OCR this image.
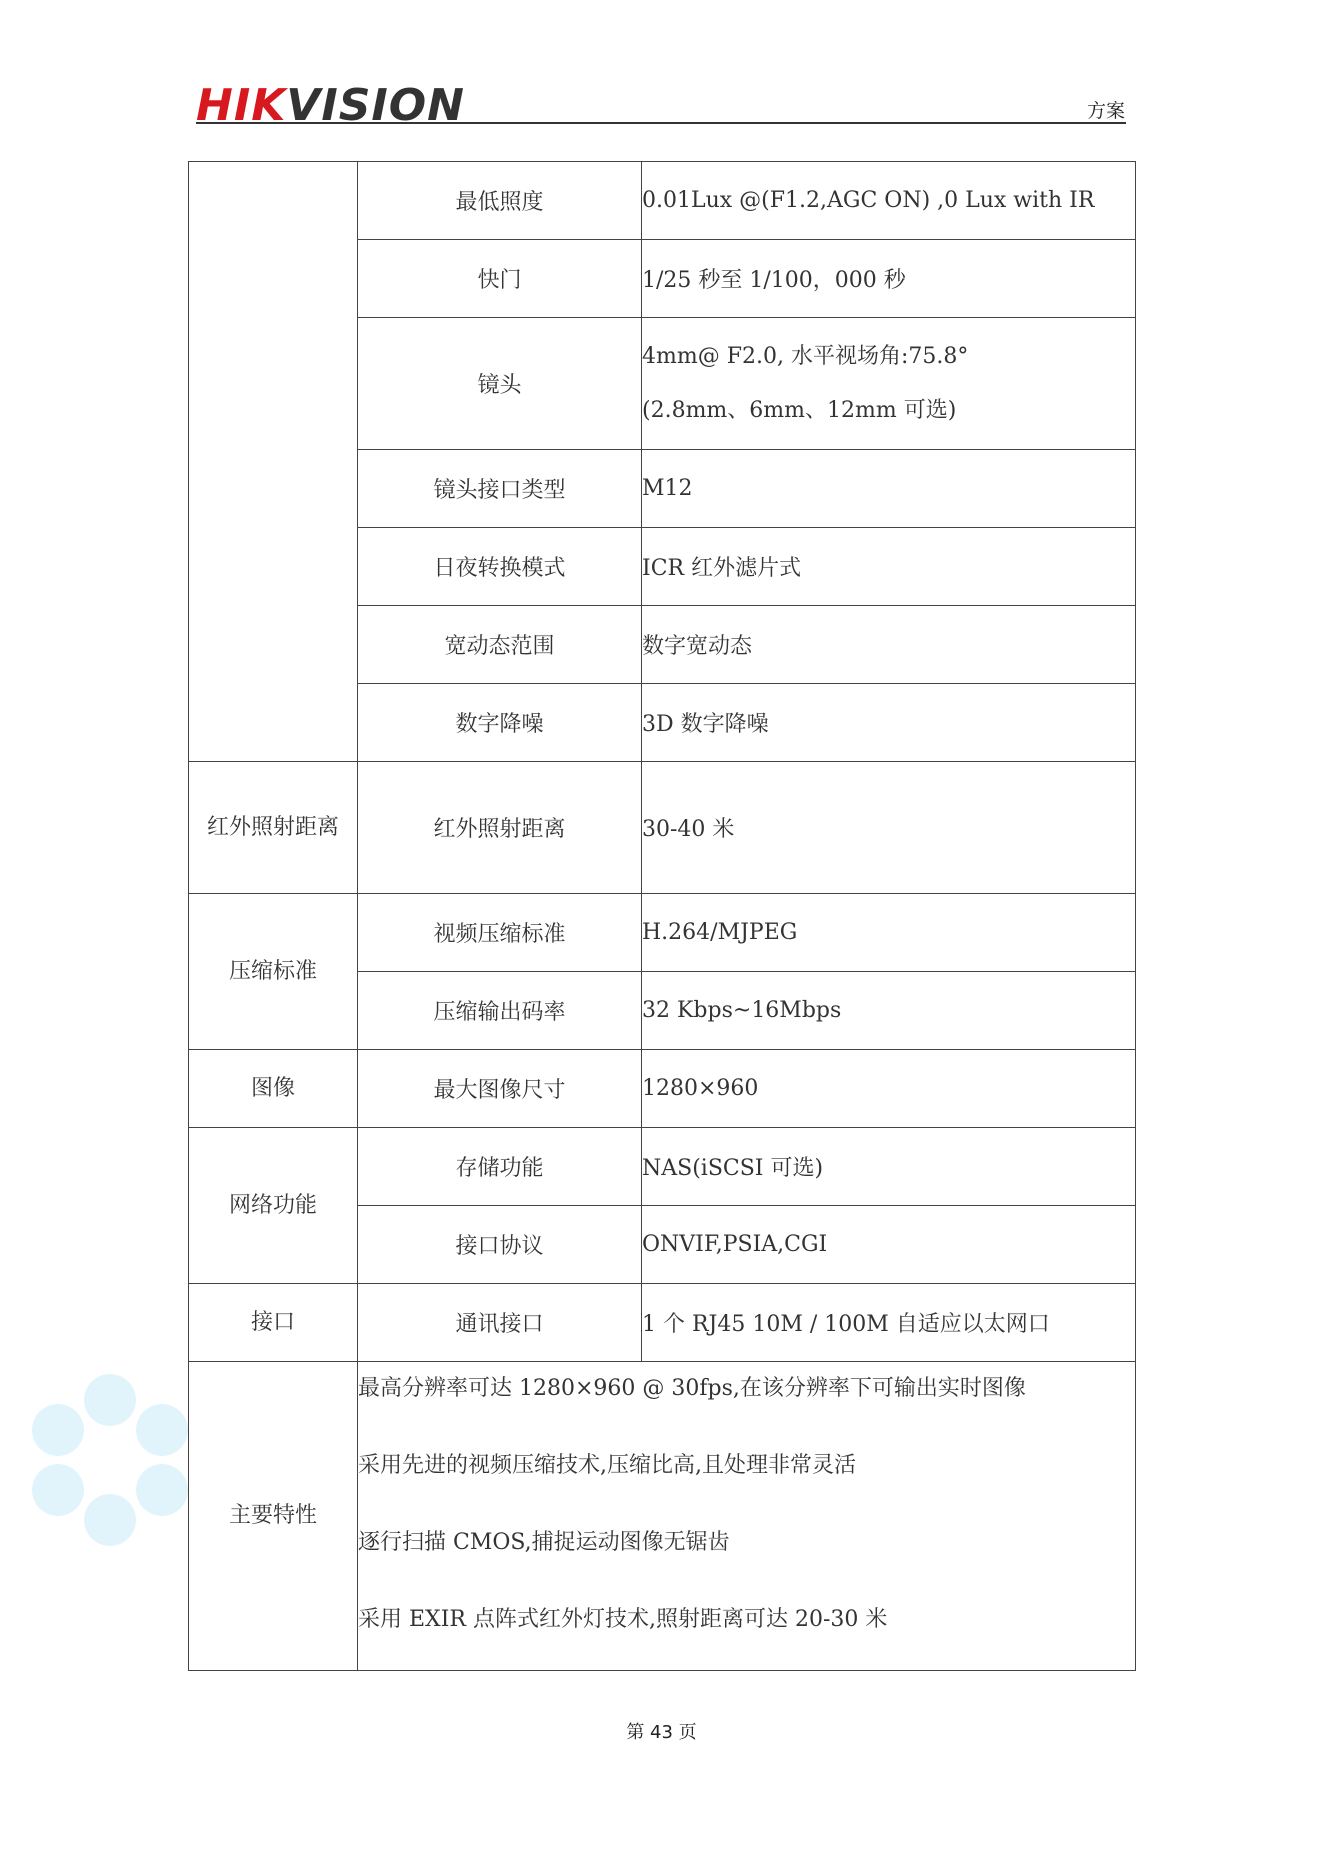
HIKVISION	方案
	最低照度	0.01Lux @(F1.2,AGC ON) ,0 Lux with IR
	快门	1/25 秒至 1/100，000 秒
	镜头	4mm@ F2.0, 水平视场角:75.8°
(2.8mm、6mm、12mm 可选)

	镜头接口类型	M12
	日夜转换模式	ICR 红外滤片式
	宽动态范围	数字宽动态
	数字降噪	3D 数字降噪
红外照射距离	红外照射距离	30-40 米
压缩标准	视频压缩标准	H.264/MJPEG
	压缩输出码率	32 Kbps~16Mbps
图像	最大图像尺寸	1280×960
网络功能	存储功能	NAS(iSCSI 可选)
	接口协议	ONVIF,PSIA,CGI
接口	通讯接口	1 个 RJ45 10M / 100M 自适应以太网口
主要特性	最高分辨率可达 1280×960 @ 30fps,在该分辨率下可输出实时图像
采用先进的视频压缩技术,压缩比高,且处理非常灵活
逐行扫描 CMOS,捕捉运动图像无锯齿
采用 EXIR 点阵式红外灯技术,照射距离可达 20-30 米	
第 43 页
